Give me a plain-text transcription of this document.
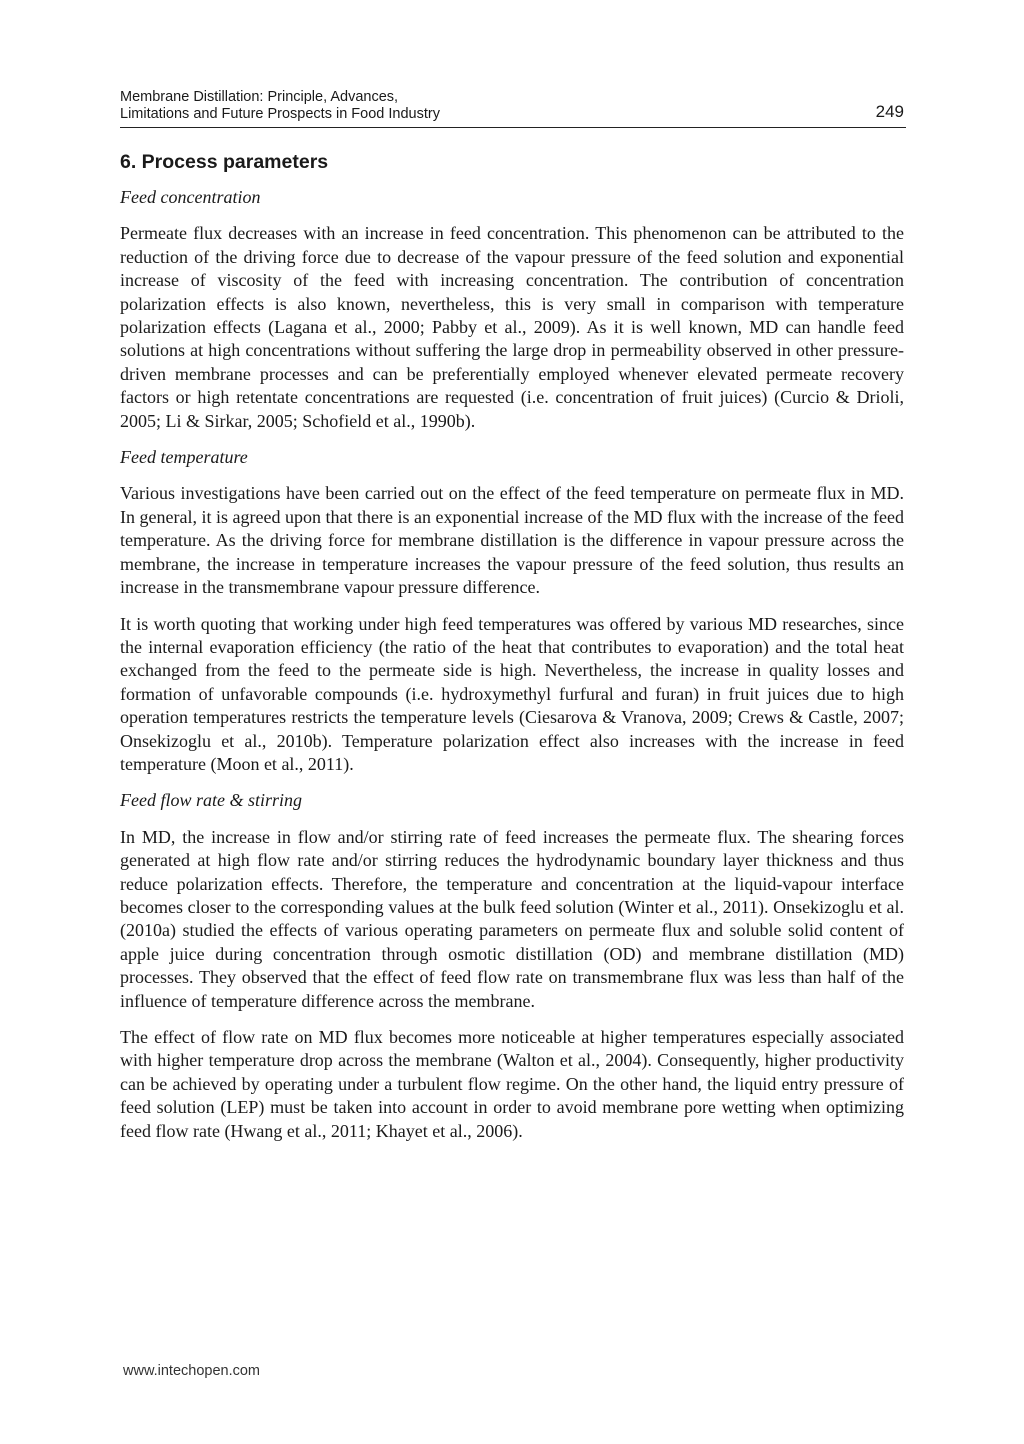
Membrane Distillation: Principle, Advances,
Limitations and Future Prospects in Food Industry	249
6. Process parameters

Feed concentration

Permeate flux decreases with an increase in feed concentration. This phenomenon can be attributed to the reduction of the driving force due to decrease of the vapour pressure of the feed solution and exponential increase of viscosity of the feed with increasing concentration. The contribution of concentration polarization effects is also known, nevertheless, this is very small in comparison with temperature polarization effects (Lagana et al., 2000; Pabby et al., 2009). As it is well known, MD can handle feed solutions at high concentrations without suffering the large drop in permeability observed in other pressure-driven membrane processes and can be preferentially employed whenever elevated permeate recovery factors or high retentate concentrations are requested (i.e. concentration of fruit juices) (Curcio & Drioli, 2005; Li & Sirkar, 2005; Schofield et al., 1990b).

Feed temperature

Various investigations have been carried out on the effect of the feed temperature on permeate flux in MD. In general, it is agreed upon that there is an exponential increase of the MD flux with the increase of the feed temperature. As the driving force for membrane distillation is the difference in vapour pressure across the membrane, the increase in temperature increases the vapour pressure of the feed solution, thus results an increase in the transmembrane vapour pressure difference.

It is worth quoting that working under high feed temperatures was offered by various MD researches, since the internal evaporation efficiency (the ratio of the heat that contributes to evaporation) and the total heat exchanged from the feed to the permeate side is high. Nevertheless, the increase in quality losses and formation of unfavorable compounds (i.e. hydroxymethyl furfural and furan) in fruit juices due to high operation temperatures restricts the temperature levels (Ciesarova & Vranova, 2009; Crews & Castle, 2007; Onsekizoglu et al., 2010b). Temperature polarization effect also increases with the increase in feed temperature (Moon et al., 2011).

Feed flow rate & stirring

In MD, the increase in flow and/or stirring rate of feed increases the permeate flux. The shearing forces generated at high flow rate and/or stirring reduces the hydrodynamic boundary layer thickness and thus reduce polarization effects. Therefore, the temperature and concentration at the liquid-vapour interface becomes closer to the corresponding values at the bulk feed solution (Winter et al., 2011). Onsekizoglu et al. (2010a) studied the effects of various operating parameters on permeate flux and soluble solid content of apple juice during concentration through osmotic distillation (OD) and membrane distillation (MD) processes. They observed that the effect of feed flow rate on transmembrane flux was less than half of the influence of temperature difference across the membrane.

The effect of flow rate on MD flux becomes more noticeable at higher temperatures especially associated with higher temperature drop across the membrane (Walton et al., 2004). Consequently, higher productivity can be achieved by operating under a turbulent flow regime. On the other hand, the liquid entry pressure of feed solution (LEP) must be taken into account in order to avoid membrane pore wetting when optimizing feed flow rate (Hwang et al., 2011; Khayet et al., 2006).

www.intechopen.com
